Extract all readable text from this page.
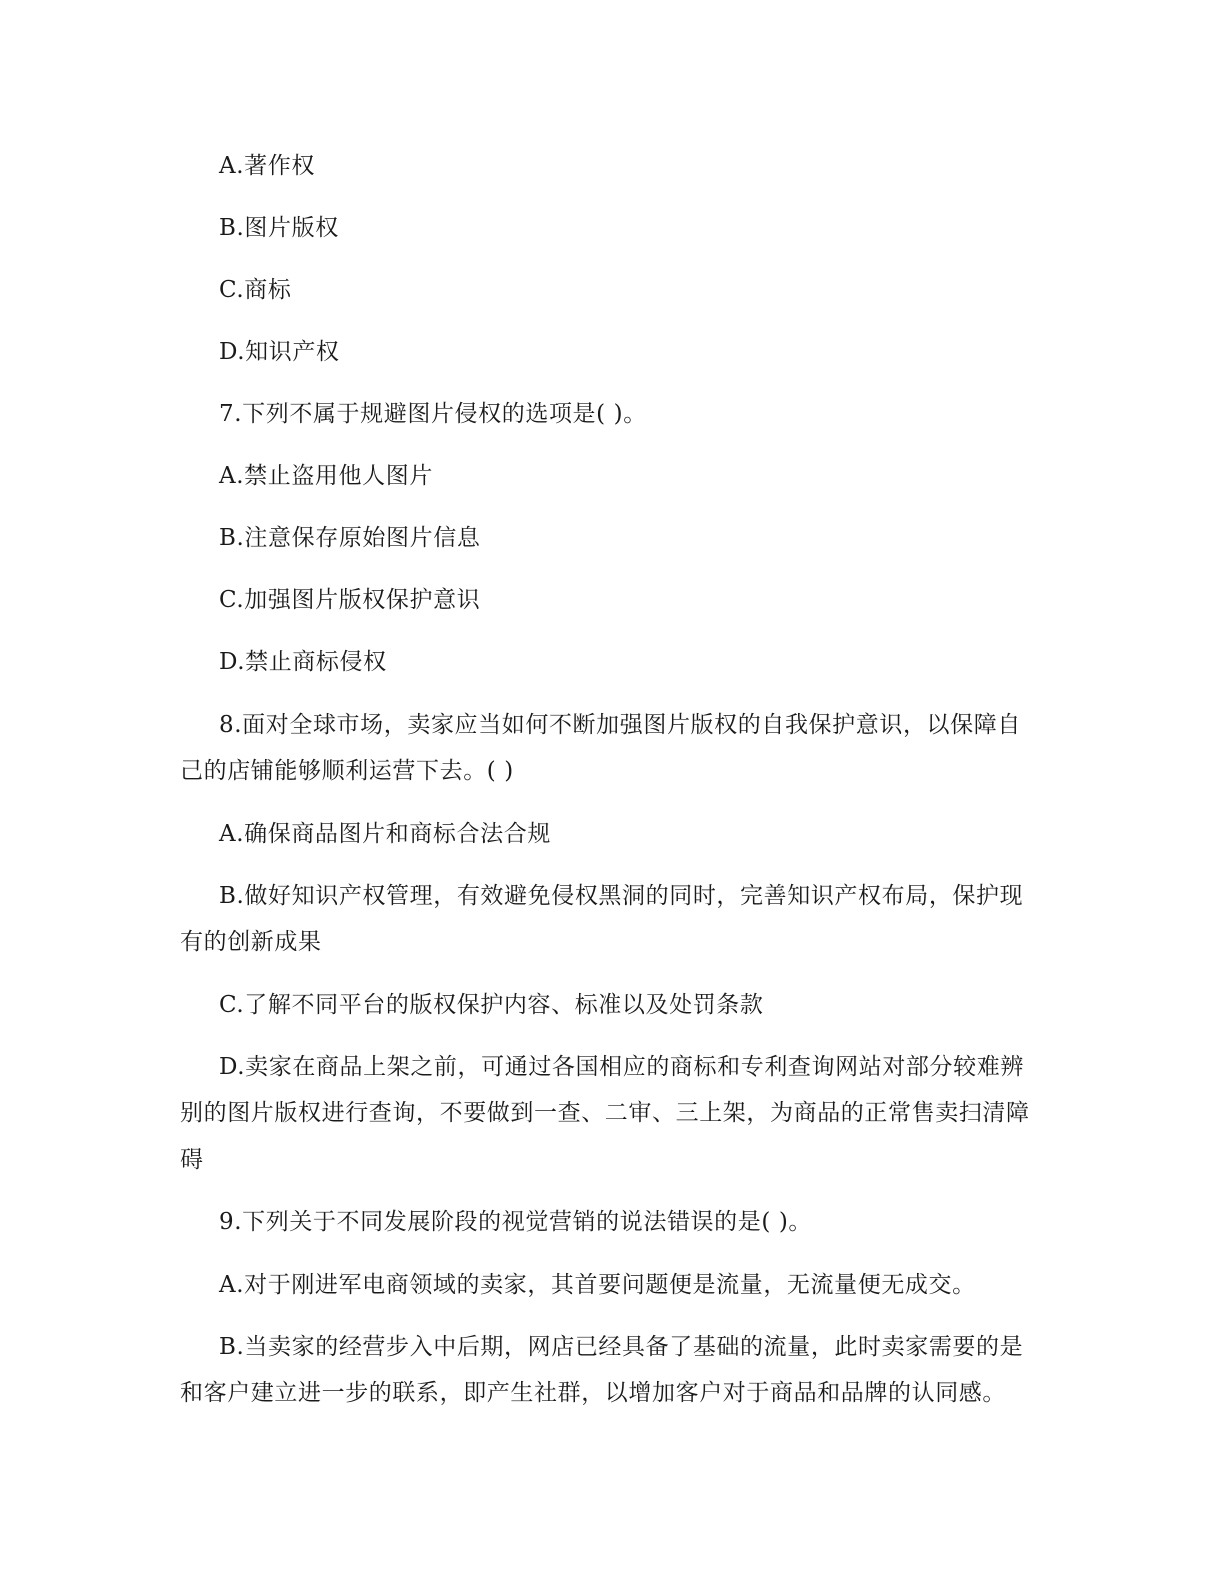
A.著作权
B.图片版权
C.商标
D.知识产权
7.下列不属于规避图片侵权的选项是( )。
A.禁止盗用他人图片
B.注意保存原始图片信息
C.加强图片版权保护意识
D.禁止商标侵权
8.面对全球市场，卖家应当如何不断加强图片版权的自我保护意识，以保障自
己的店铺能够顺利运营下去。( )
A.确保商品图片和商标合法合规
B.做好知识产权管理，有效避免侵权黑洞的同时，完善知识产权布局，保护现
有的创新成果
C.了解不同平台的版权保护内容、标准以及处罚条款
D.卖家在商品上架之前，可通过各国相应的商标和专利查询网站对部分较难辨
别的图片版权进行查询，不要做到一查、二审、三上架，为商品的正常售卖扫清障
碍
9.下列关于不同发展阶段的视觉营销的说法错误的是( )。
A.对于刚进军电商领域的卖家，其首要问题便是流量，无流量便无成交。
B.当卖家的经营步入中后期，网店已经具备了基础的流量，此时卖家需要的是
和客户建立进一步的联系，即产生社群，以增加客户对于商品和品牌的认同感。
